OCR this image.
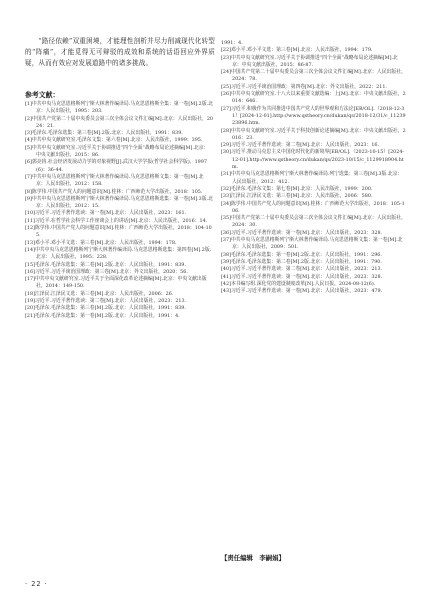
“路径依赖”双重困境，才能理性剖析并尽力削减现代化转型的“阵痛”，才能觅得无可辩驳的成效和系统的话语回应外界质疑，从而有效应对发展道路中的诸多挑战。

参考文献：

[1]中共中央马克思恩格斯列宁斯大林著作编译局.马克思恩格斯全集：第一卷[M].2版.北京：人民出版社，1995：203.

[2]中国共产党第二十届中央委员会第三次全体会议文件汇编[M].北京：人民出版社，2024：21.

[3]毛泽东.毛泽东选集：第三卷[M].2版.北京：人民出版社，1991：839.

[4]中共中央文献研究室.毛泽东文集：第六卷[M].北京：人民出版社，1999：395.

[5]中共中央文献研究室.习近平关于协调推进“四个全面”战略布局论述摘编[M].北京：中央文献出版社，2015：86.

[6]郭亮钧.社会经济发展动力学的对象视野[J].武汉大学学报(哲学社会科学版)，1997(6)：36-44.

[7]中共中央马克思恩格斯列宁斯大林著作编译局.马克思恩格斯文集：第一卷[M].北京：人民出版社，2012：158.

[8]陈学伟.中国共产党人的问题意识[M].桂林：广西师范大学出版社，2018：105.

[9]中共中央马克思恩格斯列宁斯大林著作编译局.马克思恩格斯选集：第一卷[M].3版.北京：人民出版社，2012：15.

[10]习近平.习近平著作选读：第一卷[M].北京：人民出版社，2023：161.

[11]习近平.在哲学社会科学工作座谈会上的讲话[M].北京：人民出版社，2016：14.

[12]陈学伟.中国共产党人的问题意识[M].桂林：广西师范大学出版社，2018：104-105.

[13]邓小平.邓小平文选：第三卷[M].北京：人民出版社，1994：178.

[14]中共中央马克思恩格斯列宁斯大林著作编译局.马克思恩格斯选集：第四卷[M].2版.北京：人民出版社，1995：228.

[15]毛泽东.毛泽东选集：第二卷[M].2版.北京：人民出版社，1991：839.

[16]习近平.习近平谈治国理政：第三卷[M].北京：外文出版社，2020：56.

[17]中共中央文献研究室.习近平关于全面深化改革论述摘编[M].北京：中央文献出版社，2014：149-150.

[18]江泽民.江泽民文选：第三卷[M].北京：人民出版社，2006：26.

[19]习近平.习近平著作选读：第二卷[M].北京：人民出版社，2023：213.

[20]毛泽东.毛泽东选集：第三卷[M].2版.北京：人民出版社，1991：839.

[21]毛泽东.毛泽东选集：第一卷[M].2版.北京：人民出版社，1991：4.

1991：4.

[22]邓小平.邓小平文选：第三卷[M].北京：人民出版社，1994：179.

[23]中共中央文献研究室.习近平关于协调推进“四个全面”战略布局论述摘编[M].北京：中央文献出版社，2015：86-87.

[24]中国共产党第二十届中央委员会第三次全体会议文件汇编[M].北京：人民出版社，2024：78.

[25]习近平.习近平谈治国理政：第四卷[M].北京：外文出版社，2022：211.

[26]中共中央文献研究室.十八大以来重要文献选编：上[M].北京：中央文献出版社，2014：646.

[27]习近平.积极作为共同推进中国共产党人的世界观和方法论[EB/OL].（2018-12-31）[2024-12-01].http://www.qstheory.cn/dukan/qs/2018-12/31/c_1123923896.htm.

[28]中共中央文献研究室.习近平关于科技创新论述摘编[M].北京：中央文献出版社，2016：23.

[29]习近平.习近平著作选读：第二卷[M].北京：人民出版社，2023：16.

[30]习近平.推动马克思主义中国化时代化的新境界[EB/OL].（2023-10-15）[2024-12-01].http://www.qstheory.cn/dukan/qs/2023-10/15/c_1129918904.htm.

[31]中共中央马克思恩格斯列宁斯大林著作编译局.列宁选集：第三卷[M].3版.北京：人民出版社，2012：412.

[32]毛泽东.毛泽东文集：第七卷[M].北京：人民出版社，1999：200.

[33]江泽民.江泽民文选：第三卷[M].北京：人民出版社，2006：580.

[34]陈学伟.中国共产党人的问题意识[M].桂林：广西师范大学出版社，2018：105-106.

[35]中国共产党第二十届中央委员会第三次全体会议文件汇编[M].北京：人民出版社，2024：30.

[36]习近平.习近平著作选读：第一卷[M].北京：人民出版社，2023：328.

[37]中共中央马克思恩格斯列宁斯大林著作编译局.马克思恩格斯文集：第一卷[M].北京：人民出版社，2009：501.

[38]毛泽东.毛泽东选集：第一卷[M].2版.北京：人民出版社，1991：296.

[39]毛泽东.毛泽东选集：第二卷[M].2版.北京：人民出版社，1991：790.

[40]习近平.习近平著作选读：第二卷[M].北京：人民出版社，2023：213.

[41]习近平.习近平著作选读：第一卷[M].北京：人民出版社，2023：328.

[42]本书编写组.深化党的建设制度改革[N].人民日报，2024-08-12(6).

[43]习近平.习近平著作选读：第一卷[M].北京：人民出版社，2023：479.

【责任编辑　李嗣娟】
· 22 ·
